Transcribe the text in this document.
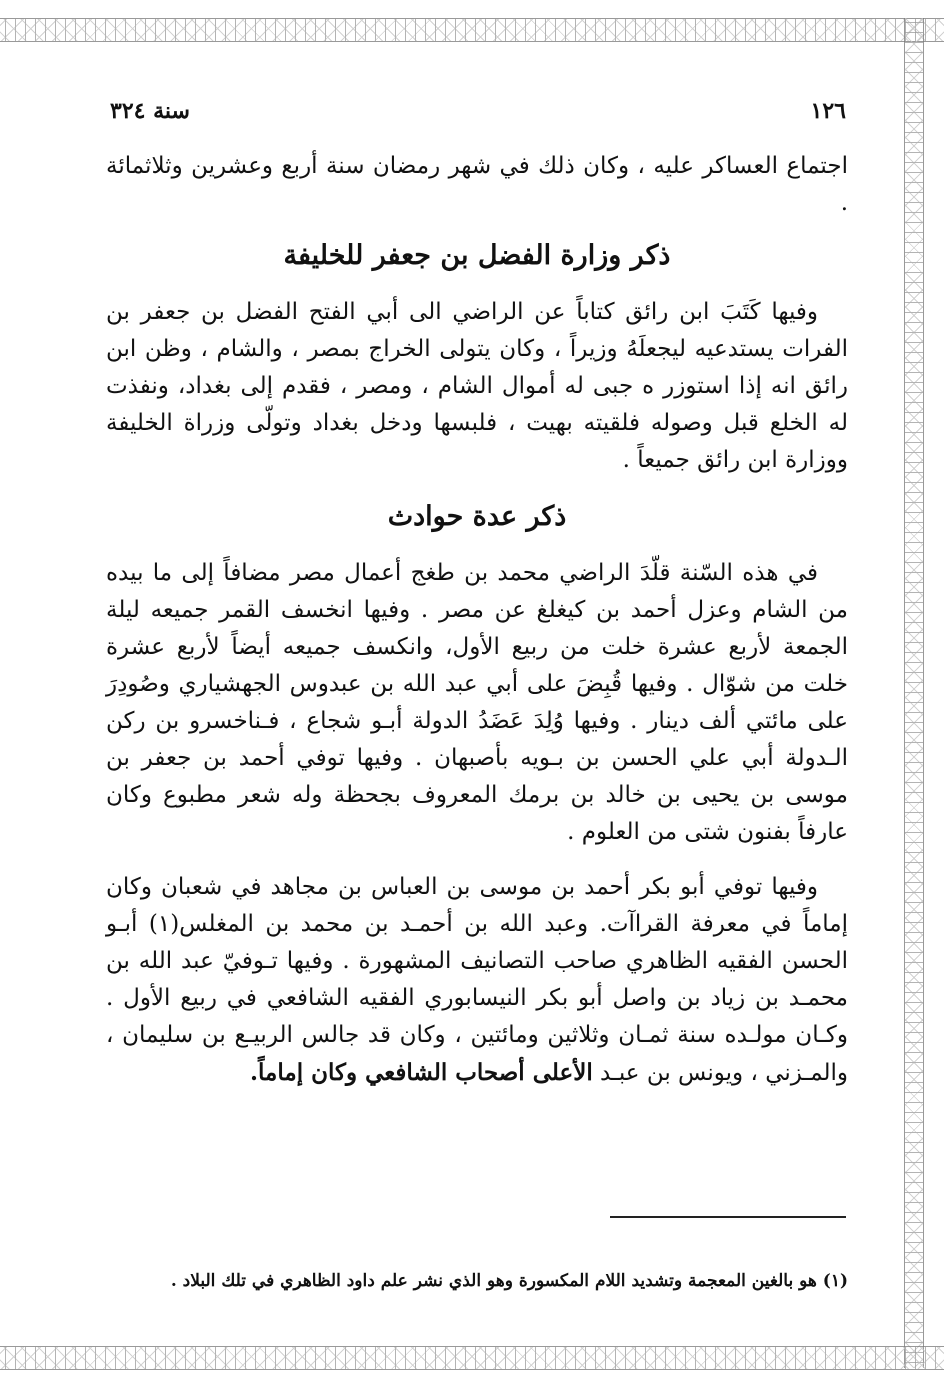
١٢٦
سنة ٣٢٤

اجتماع العساكر عليه ، وكان ذلك في شهر رمضان سنة أربع وعشرين وثلاثمائة .

ذكر وزارة الفضل بن جعفر للخليفة

وفيها كَتَبَ ابن رائق كتاباً عن الراضي الى أبي الفتح الفضل بن جعفر بن الفرات يستدعيه ليجعلَهُ وزيراً ، وكان يتولى الخراج بمصر ، والشام ، وظن ابن رائق انه إذا استوزر ه جبى له أموال الشام ، ومصر ، فقدم إلى بغداد، ونفذت له الخلع قبل وصوله فلقيته بهيت ، فلبسها ودخل بغداد وتولّى وزراة الخليفة ووزارة ابن رائق جميعاً .

ذكر عدة حوادث

في هذه السّنة قلّدَ الراضي محمد بن طغج أعمال مصر مضافاً إلى ما بيده من الشام وعزل أحمد بن كيغلغ عن مصر . وفيها انخسف القمر جميعه ليلة الجمعة لأربع عشرة خلت من ربيع الأول، وانكسف جميعه أيضاً لأربع عشرة خلت من شوّال . وفيها قُبِضَ على أبي عبد الله بن عبدوس الجهشياري وصُودِرَ على مائتي ألف دينار . وفيها وُلِدَ عَضَدُ الدولة أبـو شجاع ، فـناخسرو بن ركن الـدولة أبي علي الحسن بن بـويه بأصبهان . وفيها توفي أحمد بن جعفر بن موسى بن يحيى بن خالد بن برمك المعروف بجحظة وله شعر مطبوع وكان عارفاً بفنون شتى من العلوم .

وفيها توفي أبو بكر أحمد بن موسى بن العباس بن مجاهد في شعبان وكان إماماً في معرفة القراآت. وعبد الله بن أحمـد بن محمد بن المغلس(١) أبـو الحسن الفقيه الظاهري صاحب التصانيف المشهورة . وفيها تـوفيّ عبد الله بن محمـد بن زياد بن واصل أبو بكر النيسابوري الفقيه الشافعي في ربيع الأول . وكـان مولـده سنة ثمـان وثلاثين ومائتين ، وكان قد جالس الربيـع بن سليمان ، والمـزني ، ويونس بن عبـد الأعلى أصحاب الشافعي وكان إماماً.

(١) هو بالغين المعجمة وتشديد اللام المكسورة وهو الذي نشر علم داود الظاهري في تلك البلاد .
